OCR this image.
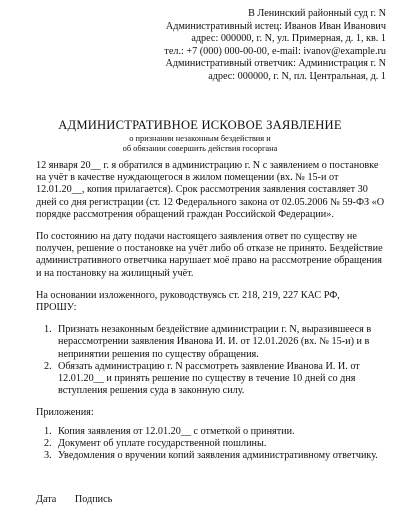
В Ленинский районный суд г. N
Административный истец: Иванов Иван Иванович
адрес: 000000, г. N, ул. Примерная, д. 1, кв. 1
тел.: +7 (000) 000-00-00, e-mail: ivanov@example.ru
Административный ответчик: Администрация г. N
адрес: 000000, г. N, пл. Центральная, д. 1
АДМИНИСТРАТИВНОЕ ИСКОВОЕ ЗАЯВЛЕНИЕ
о признании незаконным бездействия и
об обязании совершить действия госоргана

12 января 20__ г. я обратился в администрацию г. N с заявлением о постановке на учёт в качестве нуждающегося в жилом помещении (вх. № 15-и от 12.01.20__, копия прилагается). Срок рассмотрения заявления составляет 30 дней со дня регистрации (ст. 12 Федерального закона от 02.05.2006 № 59-ФЗ «О порядке рассмотрения обращений граждан Российской Федерации».

По состоянию на дату подачи настоящего заявления ответ по существу не получен, решение о постановке на учёт либо об отказе не принято. Бездействие административного ответчика нарушает моё право на рассмотрение обращения и на постановку на жилищный учёт.

На основании изложенного, руководствуясь ст. 218, 219, 227 КАС РФ,

ПРОШУ:

1. Признать незаконным бездействие администрации г. N, выразившееся в нерассмотрении заявления Иванова И. И. от 12.01.2026 (вх. № 15-и) и в непринятии решения по существу обращения.
2. Обязать администрацию г. N рассмотреть заявление Иванова И. И. от 12.01.20__ и принять решение по существу в течение 10 дней со дня вступления решения суда в законную силу.

Приложения:

1. Копия заявления от 12.01.20__ с отметкой о принятии.
2. Документ об уплате государственной пошлины.
3. Уведомления о вручении копий заявления административному ответчику.
Дата Подпись
